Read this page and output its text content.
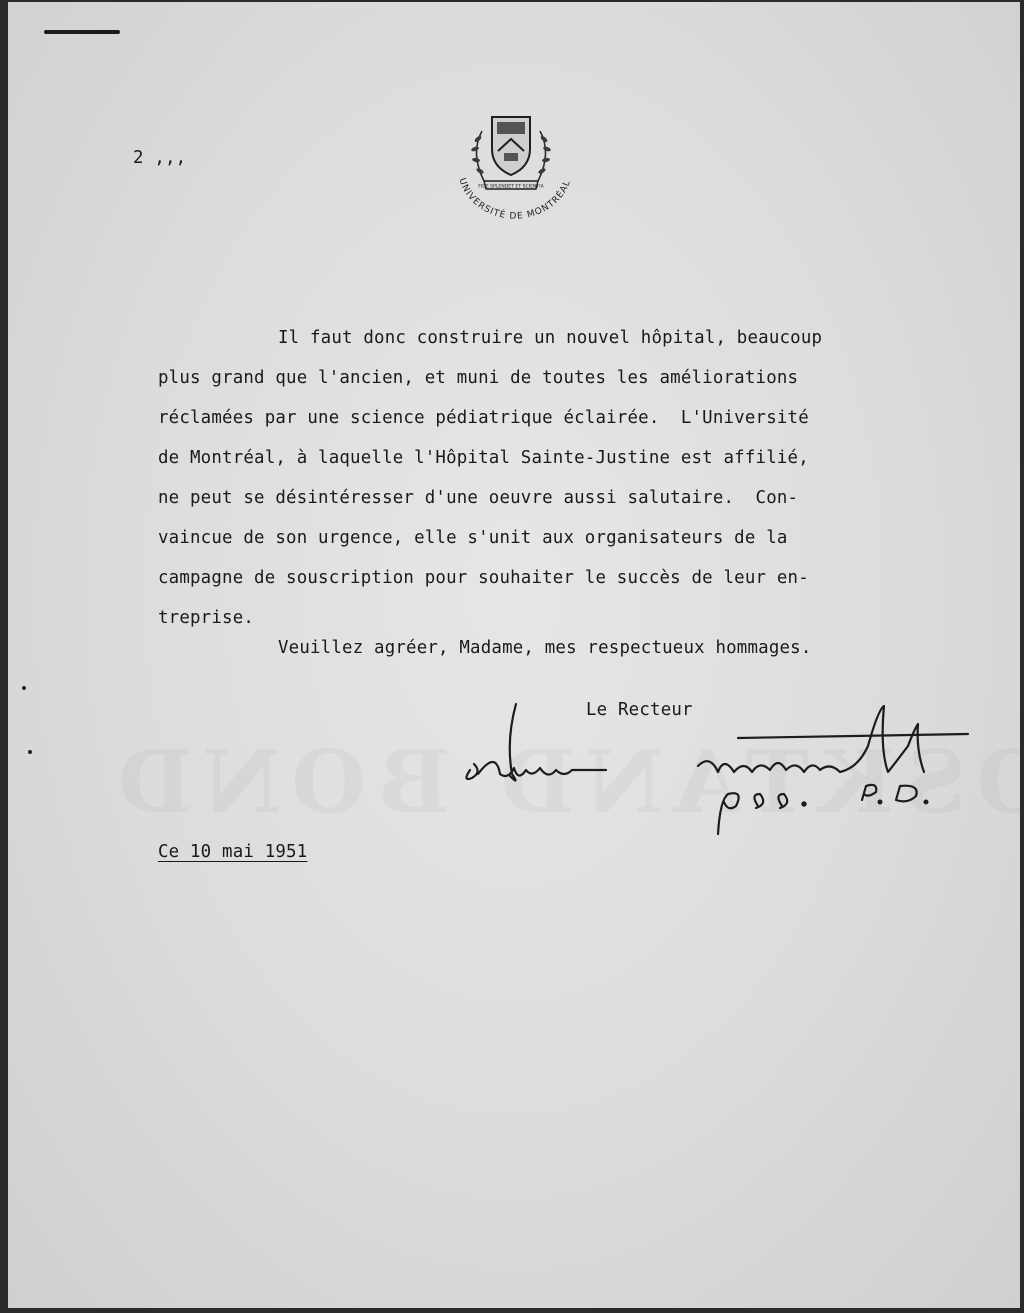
2 ,,,

FIDE SPLENDET ET SCIENTIA
UNIVERSITÉ DE MONTRÉAL
Il faut donc construire un nouvel hôpital, beaucoup
plus grand que l'ancien, et muni de toutes les améliorations
réclamées par une science pédiatrique éclairée.  L'Université
de Montréal, à laquelle l'Hôpital Sainte-Justine est affilié,
ne peut se désintéresser d'une oeuvre aussi salutaire.  Con-
vaincue de son urgence, elle s'unit aux organisateurs de la
campagne de souscription pour souhaiter le succès de leur en-
treprise.

Veuillez agréer, Madame, mes respectueux hommages.

Le Recteur

Ce 10 mai 1951
